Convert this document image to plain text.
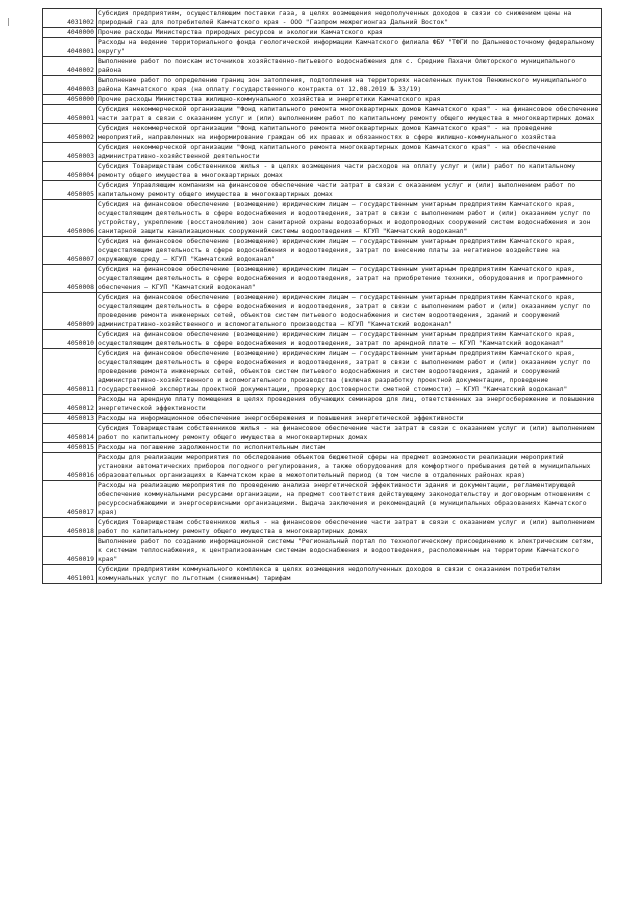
4031002	Субсидия предприятиям, осуществляющим поставки газа, в целях возмещения недополученных доходов в связи со снижением цены на природный газ для потребителей Камчатского края - ООО "Газпром межрегионгаз Дальний Восток"
4040000	Прочие расходы Министерства природных ресурсов и экологии Камчатского края
4040001	Расходы на ведение территориального фонда геологической информации Камчатского филиала ФБУ "ТФГИ по Дальневосточному федеральному округу"
4040002	Выполнение работ по поискам источников хозяйственно-питьевого водоснабжения для с. Средние Пахачи Олюторского муниципального района
4040003	Выполнение работ по определению границ зон затопления, подтопления на территориях населенных пунктов Пенжинского муниципального района Камчатского края (на оплату государственного контракта от 12.08.2019 № 33/19)
4050000	Прочие расходы Министерства жилищно-коммунального хозяйства и энергетики Камчатского края
4050001	Субсидия некоммерческой организации "Фонд капитального ремонта многоквартирных домов Камчатского края" - на финансовое обеспечение части затрат в связи с оказанием услуг и (или) выполнением работ по капитальному ремонту общего имущества в многоквартирных домах
4050002	Субсидия некоммерческой организации "Фонд капитального ремонта многоквартирных домов Камчатского края" - на проведение мероприятий, направленных на информирование граждан об их правах и обязанностях в сфере жилищно-коммунального хозяйства
4050003	Субсидия некоммерческой организации "Фонд капитального ремонта многоквартирных домов Камчатского края" - на обеспечение административно-хозяйственной деятельности
4050004	Субсидия Товариществам собственников жилья - в целях возмещения части расходов на оплату услуг и (или) работ по капитальному ремонту общего имущества в многоквартирных домах
4050005	Субсидия Управляющим компаниям на финансовое обеспечение части затрат в связи с оказанием услуг и (или) выполнением работ по капитальному ремонту общего имущества в многоквартирных домах
4050006	Субсидия на финансовое обеспечение (возмещение) юридическим лицам – государственным унитарным предприятиям Камчатского края, осуществляющим деятельность в сфере водоснабжения и водоотведения, затрат в связи с выполнением работ и (или) оказанием услуг по устройству, укреплению (восстановлению) зон санитарной охраны водозаборных и водопроводных сооружений систем водоснабжения и зон санитарной защиты канализационных сооружений системы водоотведения – КГУП "Камчатский водоканал"
4050007	Субсидия на финансовое обеспечение (возмещение) юридическим лицам – государственным унитарным предприятиям Камчатского края, осуществляющим деятельность в сфере водоснабжения и водоотведения, затрат по внесению платы за негативное воздействие на окружающую среду – КГУП "Камчатский водоканал"
4050008	Субсидия на финансовое обеспечение (возмещение) юридическим лицам – государственным унитарным предприятиям Камчатского края, осуществляющим деятельность в сфере водоснабжения и водоотведения, затрат на приобретение техники, оборудования и программного обеспечения – КГУП "Камчатский водоканал"
4050009	Субсидия на финансовое обеспечение (возмещение) юридическим лицам – государственным унитарным предприятиям Камчатского края, осуществляющим деятельность в сфере водоснабжения и водоотведения, затрат в связи с выполнением работ и (или) оказанием услуг по проведению ремонта инженерных сетей, объектов систем питьевого водоснабжения и систем водоотведения, зданий и сооружений административно-хозяйственного и вспомогательного производства – КГУП "Камчатский водоканал"
4050010	Субсидия на финансовое обеспечение (возмещение) юридическим лицам – государственным унитарным предприятиям Камчатского края, осуществляющим деятельность в сфере водоснабжения и водоотведения, затрат по арендной плате – КГУП "Камчатский водоканал"
4050011	Субсидия на финансовое обеспечение (возмещение) юридическим лицам – государственным унитарным предприятиям Камчатского края, осуществляющим деятельность в сфере водоснабжения и водоотведения, затрат в связи с выполнением работ и (или) оказанием услуг по проведению ремонта инженерных сетей, объектов систем питьевого водоснабжения и систем водоотведения, зданий и сооружений административно-хозяйственного и вспомогательного производства (включая разработку проектной документации, проведение государственной экспертизы проектной документации, проверку достоверности сметной стоимости) – КГУП "Камчатский водоканал"
4050012	Расходы на арендную плату помещения в целях проведения обучающих семинаров для лиц, ответственных за энергосбережение и повышение энергетической эффективности
4050013	Расходы на информационное обеспечение энергосбережения и повышения энергетической эффективности
4050014	Субсидия Товариществам собственников жилья - на финансовое обеспечение части затрат в связи с оказанием услуг и (или) выполнением работ по капитальному ремонту общего имущества в многоквартирных домах
4050015	Расходы на погашение задолженности по исполнительным листам
4050016	Расходы для реализации мероприятия по обследованию объектов бюджетной сферы на предмет возможности реализации мероприятий установки автоматических приборов погодного регулирования, а также оборудования для комфортного пребывания детей в муниципальных образовательных организациях в Камчатском крае в межотопительный период (в том числе в отдаленных районах края)
4050017	Расходы на реализацию мероприятия по проведению анализа энергетической эффективности здания и документации, регламентирующей обеспечение коммунальными ресурсами организации, на предмет соответствия действующему законодательству и договорным отношениям с ресурсоснабжающими и энергосервисными организациями. Выдача заключения и рекомендаций (в муниципальных образованиях Камчатского края)
4050018	Субсидия Товариществам собственников жилья - на финансовое обеспечение части затрат в связи с оказанием услуг и (или) выполнением работ по капитальному ремонту общего имущества в многоквартирных домах
4050019	Выполнение работ по созданию информационной системы "Региональный портал по технологическому присоединению к электрическим сетям, к системам теплоснабжения, к централизованным системам водоснабжения и водоотведения, расположенным на территории Камчатского края"
4051001	Субсидии предприятиям коммунального комплекса в целях возмещения недополученных доходов в связи с оказанием потребителям коммунальных услуг по льготным (сниженным) тарифам
